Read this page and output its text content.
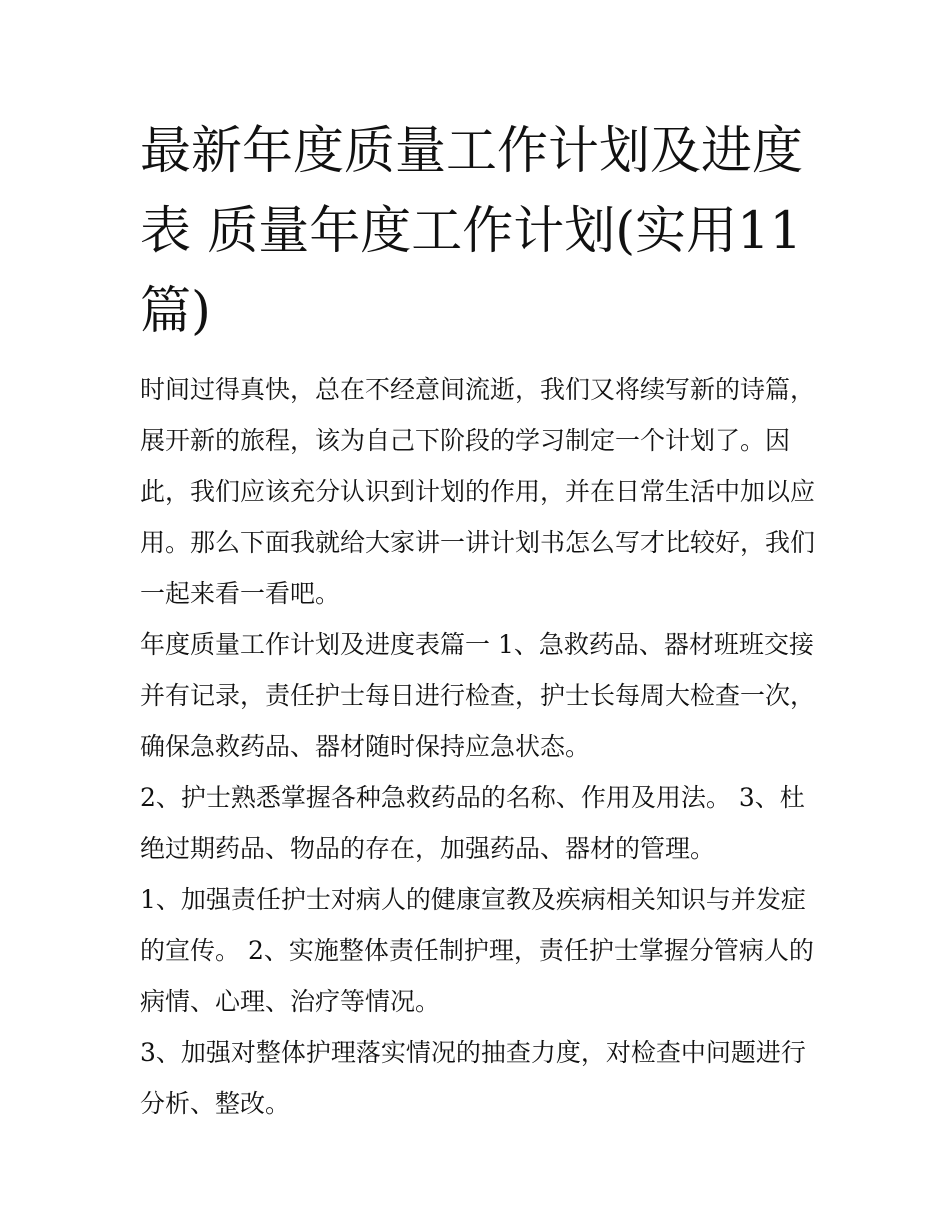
最新年度质量工作计划及进度表 质量年度工作计划(实用11篇)

时间过得真快，总在不经意间流逝，我们又将续写新的诗篇，展开新的旅程，该为自己下阶段的学习制定一个计划了。因此，我们应该充分认识到计划的作用，并在日常生活中加以应用。那么下面我就给大家讲一讲计划书怎么写才比较好，我们一起来看一看吧。

年度质量工作计划及进度表篇一 1、急救药品、器材班班交接并有记录，责任护士每日进行检查，护士长每周大检查一次，确保急救药品、器材随时保持应急状态。

2、护士熟悉掌握各种急救药品的名称、作用及用法。 3、杜绝过期药品、物品的存在，加强药品、器材的管理。

1、加强责任护士对病人的健康宣教及疾病相关知识与并发症的宣传。 2、实施整体责任制护理，责任护士掌握分管病人的病情、心理、治疗等情况。

3、加强对整体护理落实情况的抽查力度，对检查中问题进行分析、整改。
